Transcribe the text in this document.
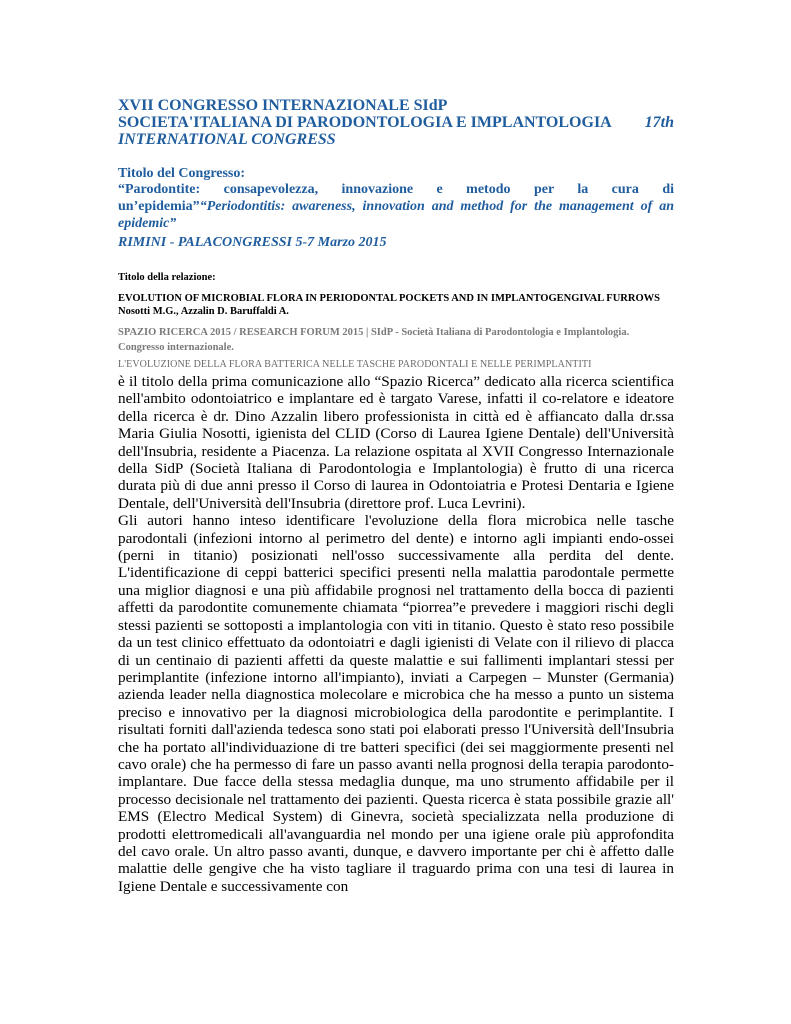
XVII CONGRESSO INTERNAZIONALE SIdP
SOCIETA'ITALIANA DI PARODONTOLOGIA E IMPLANTOLOGIA 17th
INTERNATIONAL CONGRESS
Titolo del Congresso:
“Parodontite: consapevolezza, innovazione e metodo per la cura di un’epidemia”“Periodontitis: awareness, innovation and method for the management of an epidemic”
RIMINI - PALACONGRESSI 5-7 Marzo 2015
Titolo della relazione:
EVOLUTION OF MICROBIAL FLORA IN PERIODONTAL POCKETS AND IN IMPLANTOGENGIVAL FURROWS Nosotti M.G., Azzalin D. Baruffaldi A.
SPAZIO RICERCA 2015 / RESEARCH FORUM 2015 | SIdP - Società Italiana di Parodontologia e Implantologia. Congresso internazionale.
L'EVOLUZIONE DELLA FLORA BATTERICA NELLE TASCHE PARODONTALI E NELLE PERIMPLANTITI

è il titolo della prima comunicazione allo “Spazio Ricerca” dedicato alla ricerca scientifica nell'ambito odontoiatrico e implantare ed è targato Varese, infatti il co-relatore e ideatore della ricerca è dr. Dino Azzalin libero professionista in città ed è affiancato dalla dr.ssa Maria Giulia Nosotti, igienista del CLID (Corso di Laurea Igiene Dentale) dell'Università dell'Insubria, residente a Piacenza. La relazione ospitata al XVII Congresso Internazionale della SidP (Società Italiana di Parodontologia e Implantologia) è frutto di una ricerca durata più di due anni presso il Corso di laurea in Odontoiatria e Protesi Dentaria e Igiene Dentale, dell'Università dell'Insubria (direttore prof. Luca Levrini).

Gli autori hanno inteso identificare l'evoluzione della flora microbica nelle tasche parodontali (infezioni intorno al perimetro del dente) e intorno agli impianti endo-ossei (perni in titanio) posizionati nell'osso successivamente alla perdita del dente. L'identificazione di ceppi batterici specifici presenti nella malattia parodontale permette una miglior diagnosi e una più affidabile prognosi nel trattamento della bocca di pazienti affetti da parodontite comunemente chiamata “piorrea”e prevedere i maggiori rischi degli stessi pazienti se sottoposti a implantologia con viti in titanio. Questo è stato reso possibile da un test clinico effettuato da odontoiatri e dagli igienisti di Velate con il rilievo di placca di un centinaio di pazienti affetti da queste malattie e sui fallimenti implantari stessi per perimplantite (infezione intorno all'impianto), inviati a Carpegen – Munster (Germania) azienda leader nella diagnostica molecolare e microbica che ha messo a punto un sistema preciso e innovativo per la diagnosi microbiologica della parodontite e perimplantite. I risultati forniti dall'azienda tedesca sono stati poi elaborati presso l'Università dell'Insubria che ha portato all'individuazione di tre batteri specifici (dei sei maggiormente presenti nel cavo orale) che ha permesso di fare un passo avanti nella prognosi della terapia parodonto-implantare. Due facce della stessa medaglia dunque, ma uno strumento affidabile per il processo decisionale nel trattamento dei pazienti. Questa ricerca è stata possibile grazie all' EMS (Electro Medical System) di Ginevra, società specializzata nella produzione di prodotti elettromedicali all'avanguardia nel mondo per una igiene orale più approfondita del cavo orale. Un altro passo avanti, dunque, e davvero importante per chi è affetto dalle malattie delle gengive che ha visto tagliare il traguardo prima con una tesi di laurea in Igiene Dentale e successivamente con
